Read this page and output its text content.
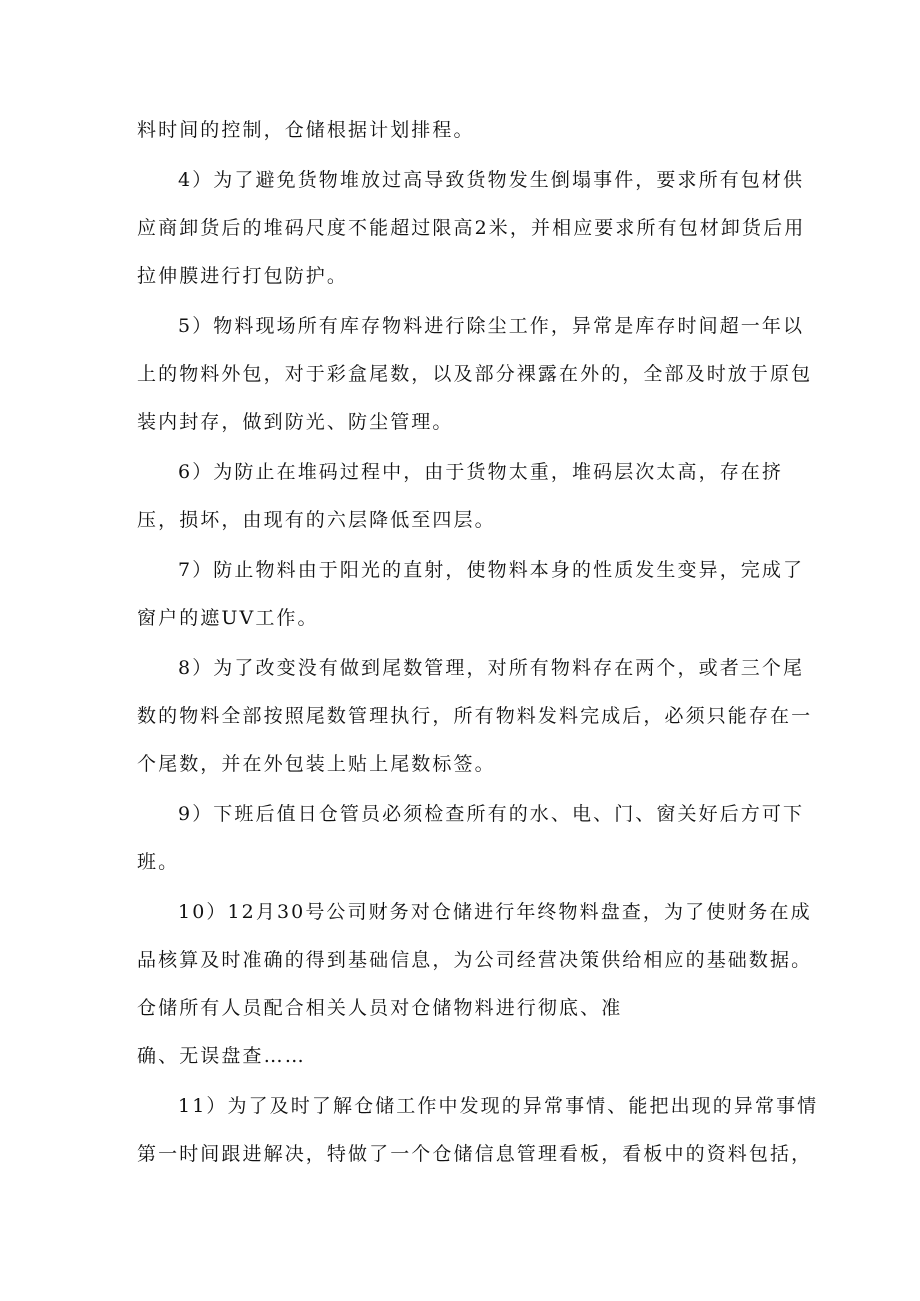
料时间的控制，仓储根据计划排程。
4）为了避免货物堆放过高导致货物发生倒塌事件，要求所有包材供
应商卸货后的堆码尺度不能超过限高2米，并相应要求所有包材卸货后用
拉伸膜进行打包防护。
5）物料现场所有库存物料进行除尘工作，异常是库存时间超一年以
上的物料外包，对于彩盒尾数，以及部分裸露在外的，全部及时放于原包
装内封存，做到防光、防尘管理。
6）为防止在堆码过程中，由于货物太重，堆码层次太高，存在挤
压，损坏，由现有的六层降低至四层。
7）防止物料由于阳光的直射，使物料本身的性质发生变异，完成了
窗户的遮UV工作。
8）为了改变没有做到尾数管理，对所有物料存在两个，或者三个尾
数的物料全部按照尾数管理执行，所有物料发料完成后，必须只能存在一
个尾数，并在外包装上贴上尾数标签。
9）下班后值日仓管员必须检查所有的水、电、门、窗关好后方可下
班。
10）12月30号公司财务对仓储进行年终物料盘查，为了使财务在成
品核算及时准确的得到基础信息，为公司经营决策供给相应的基础数据。
仓储所有人员配合相关人员对仓储物料进行彻底、准
确、无误盘查……
11）为了及时了解仓储工作中发现的异常事情、能把出现的异常事情
第一时间跟进解决，特做了一个仓储信息管理看板，看板中的资料包括，
